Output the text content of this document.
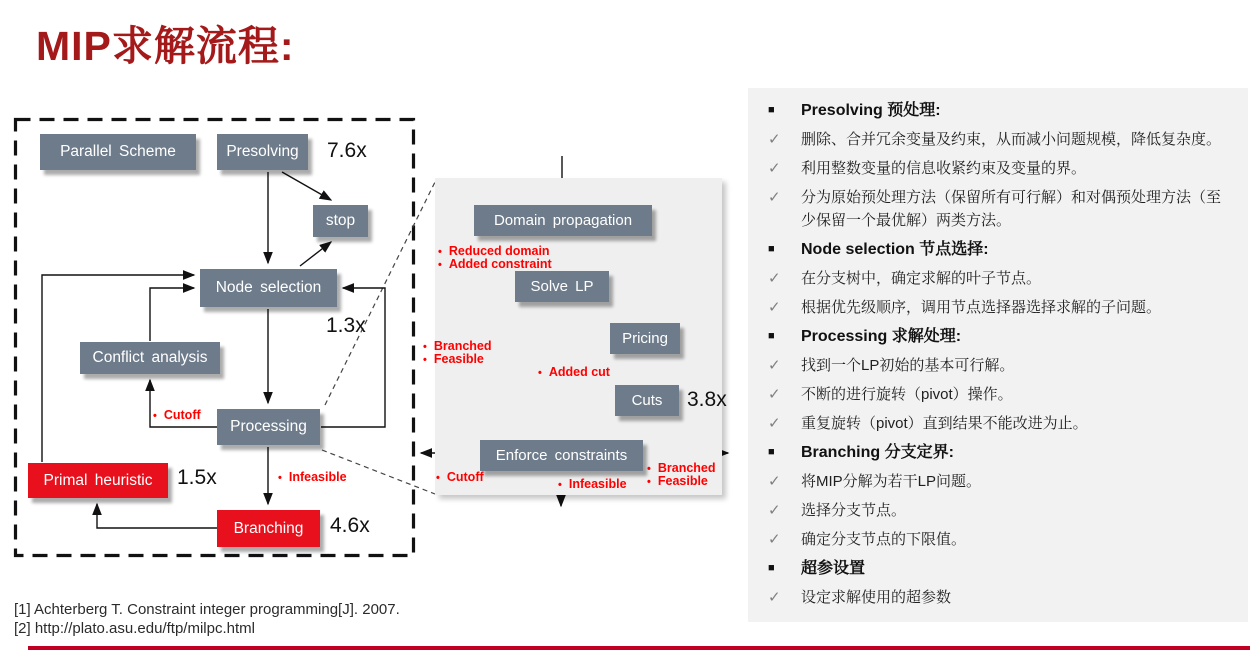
MIP求解流程:
Parallel Scheme	Presolving
stop
Node selection
Conflict analysis
Processing
Primal heuristic
Branching
Domain propagation
Solve LP
Pricing
Cuts
Enforce constraints
7.6x
1.3x
1.5x
4.6x
3.8x
• Cutoff
• Infeasible
• Reduced domain
• Added constraint
• Branched
• Feasible
• Added cut
• Cutoff
• Infeasible
• Branched
• Feasible
■	Presolving 预处理:
✓	删除、合并冗余变量及约束，从而减小问题规模，降低复杂度。
✓	利用整数变量的信息收紧约束及变量的界。
✓	分为原始预处理方法（保留所有可行解）和对偶预处理方法（至少保留一个最优解）两类方法。
■	Node selection 节点选择:
✓	在分支树中，确定求解的叶子节点。
✓	根据优先级顺序，调用节点选择器选择求解的子问题。
■	Processing 求解处理:
✓	找到一个LP初始的基本可行解。
✓	不断的进行旋转（pivot）操作。
✓	重复旋转（pivot）直到结果不能改进为止。
■	Branching 分支定界:
✓	将MIP分解为若干LP问题。
✓	选择分支节点。
✓	确定分支节点的下限值。
■	超参设置
✓	设定求解使用的超参数
[1] Achterberg T. Constraint integer programming[J]. 2007.
[2] http://plato.asu.edu/ftp/milpc.html
